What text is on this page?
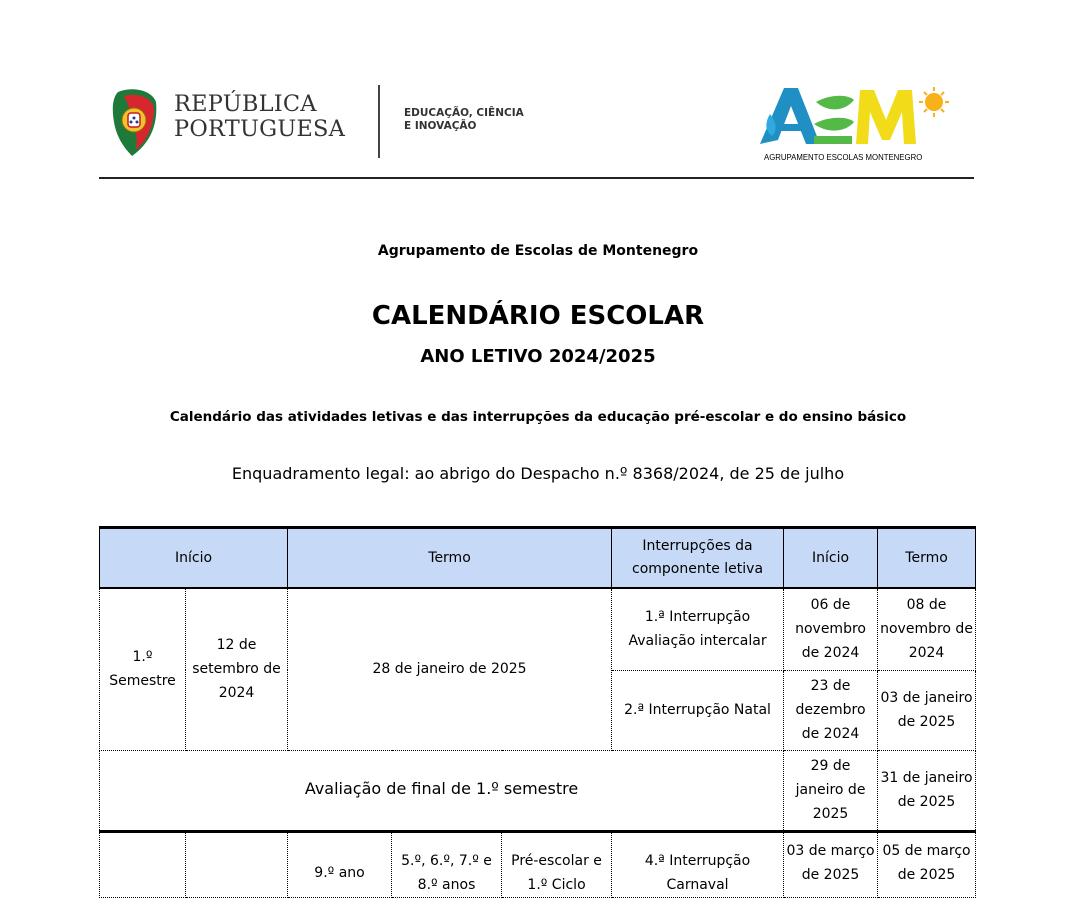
REPÚBLICA
PORTUGUESA
EDUCAÇÃO, CIÊNCIA
E INOVAÇÃO
AGRUPAMENTO ESCOLAS MONTENEGRO
Agrupamento de Escolas de Montenegro
CALENDÁRIO ESCOLAR
ANO LETIVO 2024/2025
Calendário das atividades letivas e das interrupções da educação pré-escolar e do ensino básico
Enquadramento legal: ao abrigo do Despacho n.º 8368/2024, de 25 de julho
Início		Termo			Interrupções da componente letiva	Início	Termo
1.º Semestre	12 de setembro de 2024	28 de janeiro de 2025			1.ª Interrupção Avaliação intercalar	06 de novembro de 2024	08 de novembro de 2024
					2.ª Interrupção Natal	23 de dezembro de 2024	03 de janeiro de 2025
Avaliação de final de 1.º semestre						29 de janeiro de 2025	31 de janeiro de 2025
		9.º ano	5.º, 6.º, 7.º e 8.º anos	Pré-escolar e 1.º Ciclo	4.ª Interrupção Carnaval	03 de março de 2025	05 de março de 2025
